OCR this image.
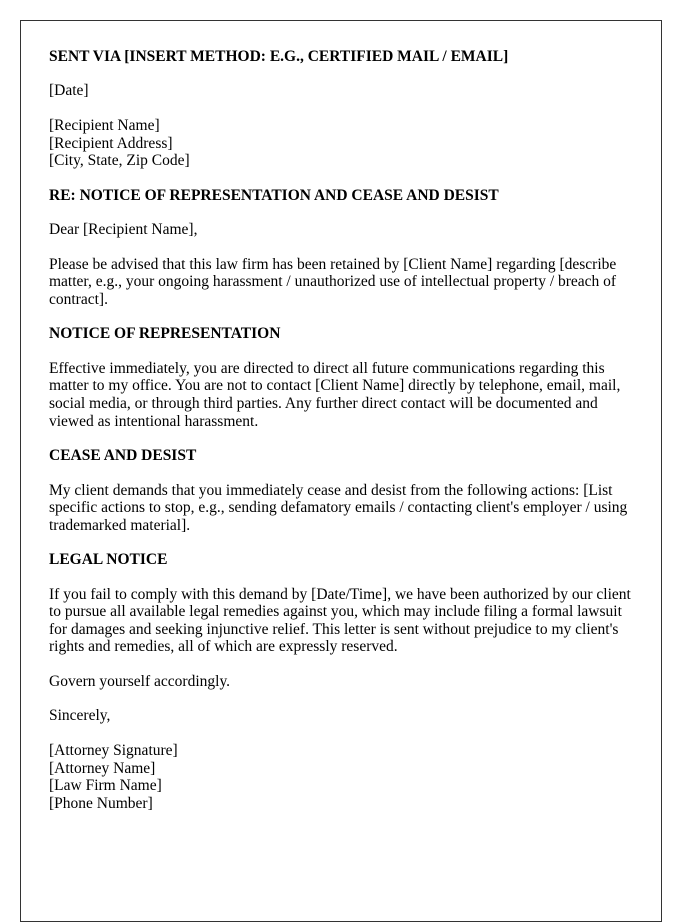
SENT VIA [INSERT METHOD: E.G., CERTIFIED MAIL / EMAIL]

[Date]

[Recipient Name]
[Recipient Address]
[City, State, Zip Code]

RE: NOTICE OF REPRESENTATION AND CEASE AND DESIST

Dear [Recipient Name],

Please be advised that this law firm has been retained by [Client Name] regarding [describe matter, e.g., your ongoing harassment / unauthorized use of intellectual property / breach of contract].

NOTICE OF REPRESENTATION

Effective immediately, you are directed to direct all future communications regarding this matter to my office. You are not to contact [Client Name] directly by telephone, email, mail, social media, or through third parties. Any further direct contact will be documented and viewed as intentional harassment.

CEASE AND DESIST

My client demands that you immediately cease and desist from the following actions: [List specific actions to stop, e.g., sending defamatory emails / contacting client's employer / using trademarked material].

LEGAL NOTICE

If you fail to comply with this demand by [Date/Time], we have been authorized by our client to pursue all available legal remedies against you, which may include filing a formal lawsuit for damages and seeking injunctive relief. This letter is sent without prejudice to my client's rights and remedies, all of which are expressly reserved.

Govern yourself accordingly.

Sincerely,

[Attorney Signature]
[Attorney Name]
[Law Firm Name]
[Phone Number]
